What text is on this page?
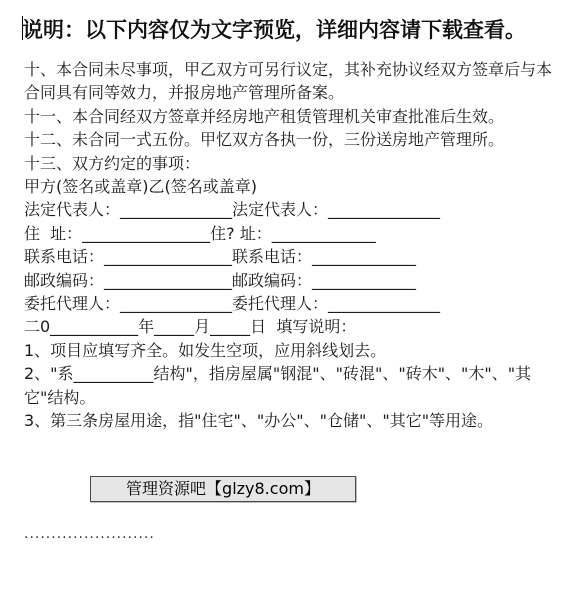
说明：以下内容仅为文字预览，详细内容请下载查看。

十、本合同未尽事项，甲乙双方可另行议定，其补充协议经双方签章后与本合同具有同等效力，并报房地产管理所备案。

十一、本合同经双方签章并经房地产租赁管理机关审查批准后生效。

十二、未合同一式五份。甲忆双方各执一份，三份送房地产管理所。

十三、双方约定的事项：

甲方(签名或盖章)乙(签名或盖章)

法定代表人：______________法定代表人：______________

住  址：________________住? 址：_____________

联系电话：________________联系电话：_____________

邮政编码：________________邮政编码：_____________

委托代理人：______________委托代理人：______________

二0___________年_____月_____日  填写说明：

1、项目应填写齐全。如发生空项，应用斜线划去。

2、"系__________结构"，指房屋属"钢混"、"砖混"、"砖木"、"木"、"其它"结构。

3、第三条房屋用途，指"住宅"、"办公"、"仓储"、"其它"等用途。

························
管理资源吧【glzy8.com】
